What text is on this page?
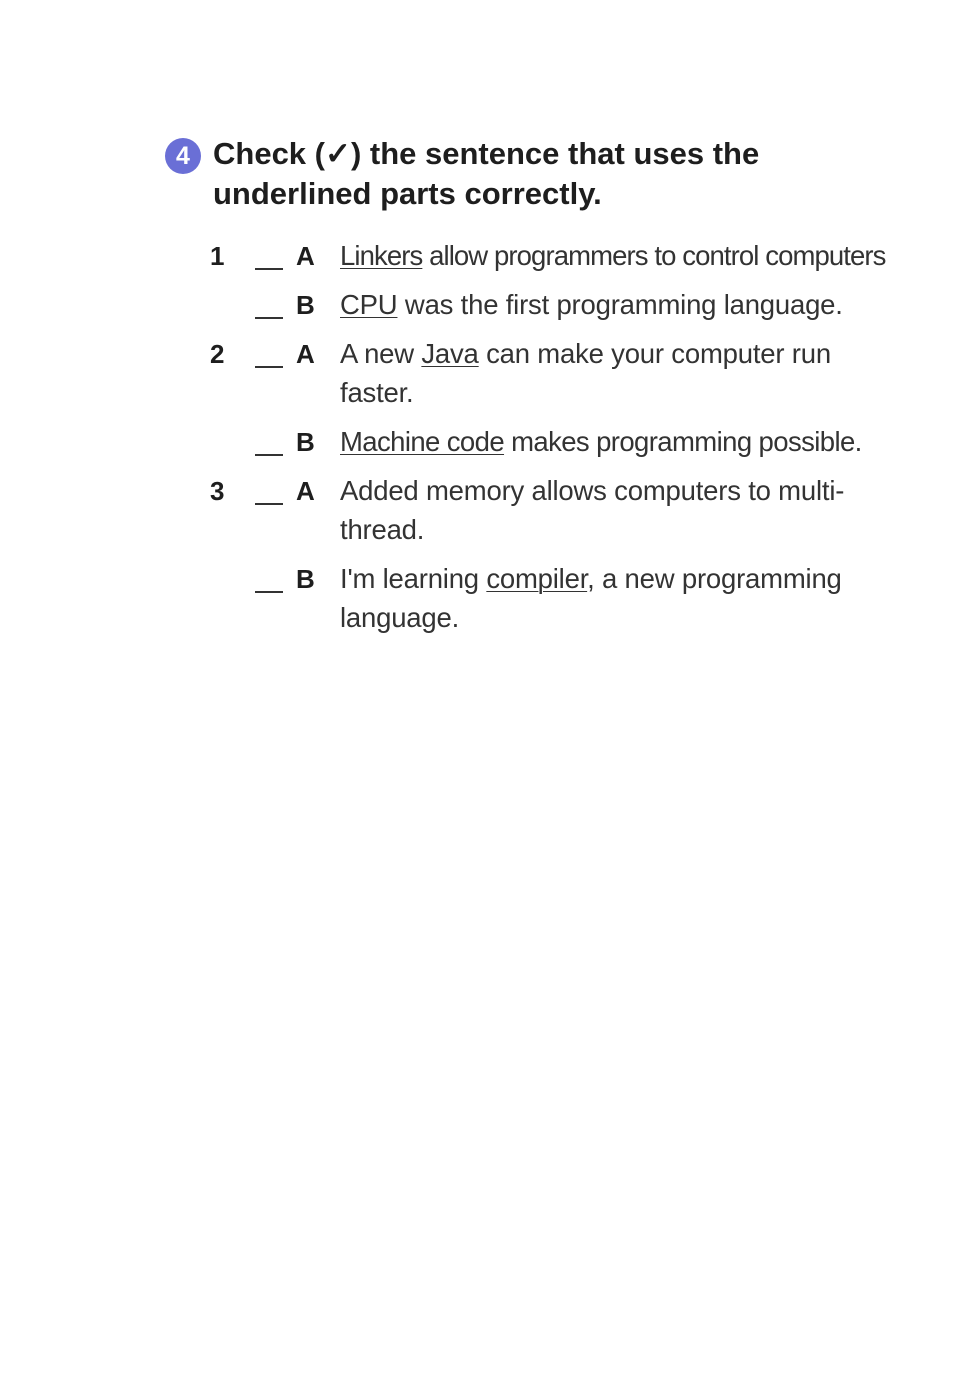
4 Check (✓) the sentence that uses the underlined parts correctly.
1	A Linkers allow programmers to control computers
B CPU was the first programming language.
2	A A new Java can make your computer run faster.
B Machine code makes programming possible.
3	A Added memory allows computers to multi-thread.
B I'm learning compiler, a new programming language.
